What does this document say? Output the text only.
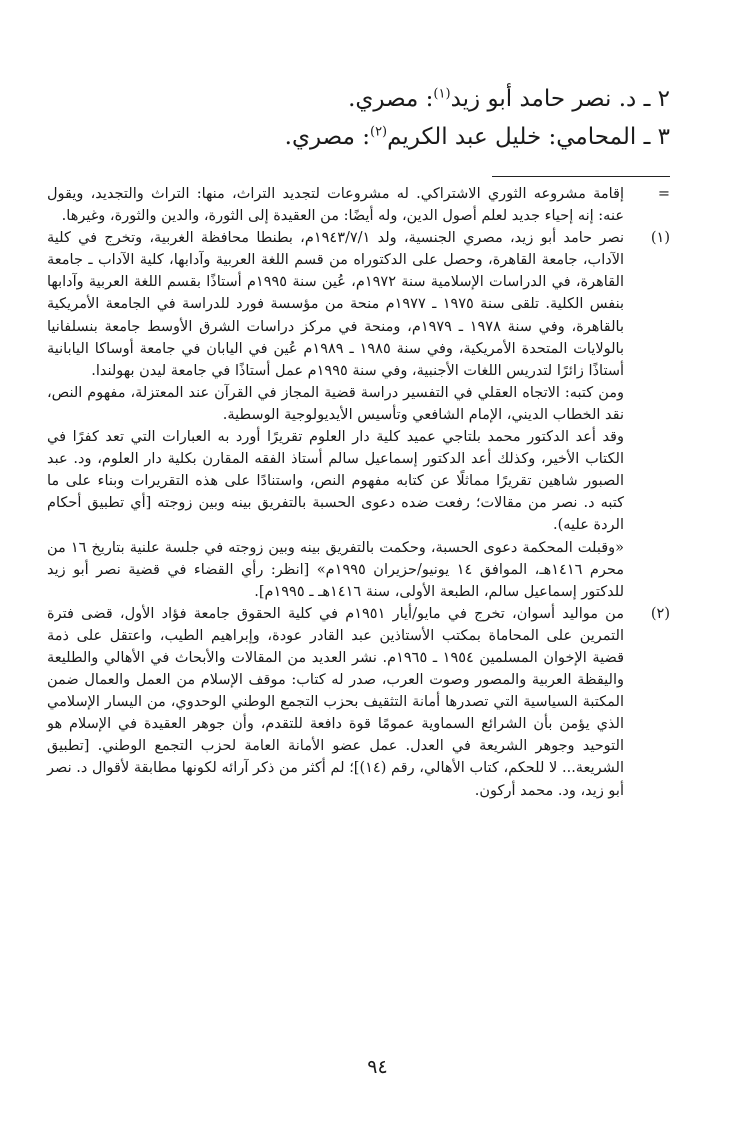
٢ ـ د. نصر حامد أبو زيد$^{(١)}$: مصري.
٣ ـ المحامي: خليل عبد الكريم$^{(٢)}$: مصري.
=

إقامة مشروعه الثوري الاشتراكي. له مشروعات لتجديد التراث، منها: التراث والتجديد، ويقول عنه: إنه إحياء جديد لعلم أصول الدين، وله أيضًا: من العقيدة إلى الثورة، والدين والثورة، وغيرها.

(١)

نصر حامد أبو زيد، مصري الجنسية، ولد ١٩٤٣/٧/١م، بطنطا محافظة الغربية، وتخرج في كلية الآداب، جامعة القاهرة، وحصل على الدكتوراه من قسم اللغة العربية وآدابها، كلية الآداب ـ جامعة القاهرة، في الدراسات الإسلامية سنة ١٩٧٢م، عُين سنة ١٩٩٥م أستاذًا بقسم اللغة العربية وآدابها بنفس الكلية. تلقى سنة ١٩٧٥ ـ ١٩٧٧م منحة من مؤسسة فورد للدراسة في الجامعة الأمريكية بالقاهرة، وفي سنة ١٩٧٨ ـ ١٩٧٩م، ومنحة في مركز دراسات الشرق الأوسط جامعة بنسلفانيا بالولايات المتحدة الأمريكية، وفي سنة ١٩٨٥ ـ ١٩٨٩م عُين في اليابان في جامعة أوساكا اليابانية أستاذًا زائرًا لتدريس اللغات الأجنبية، وفي سنة ١٩٩٥م عمل أستاذًا في جامعة ليدن بهولندا.

ومن كتبه: الاتجاه العقلي في التفسير دراسة قضية المجاز في القرآن عند المعتزلة، مفهوم النص، نقد الخطاب الديني، الإمام الشافعي وتأسيس الأيديولوجية الوسطية.

وقد أعد الدكتور محمد بلتاجي عميد كلية دار العلوم تقريرًا أورد به العبارات التي تعد كفرًا في الكتاب الأخير، وكذلك أعد الدكتور إسماعيل سالم أستاذ الفقه المقارن بكلية دار العلوم، ود. عبد الصبور شاهين تقريرًا مماثلًا عن كتابه مفهوم النص، واستنادًا على هذه التقريرات وبناء على ما كتبه د. نصر من مقالات؛ رفعت ضده دعوى الحسبة بالتفريق بينه وبين زوجته [أي تطبيق أحكام الردة عليه).

«وقبلت المحكمة دعوى الحسبة، وحكمت بالتفريق بينه وبين زوجته في جلسة علنية بتاريخ ١٦ من محرم ١٤١٦هـ، الموافق ١٤ يونيو/حزيران ١٩٩٥م» [انظر: رأي القضاء في قضية نصر أبو زيد للدكتور إسماعيل سالم، الطبعة الأولى، سنة ١٤١٦هـ ـ ١٩٩٥م].

(٢)

من مواليد أسوان، تخرج في مايو/أيار ١٩٥١م في كلية الحقوق جامعة فؤاد الأول، قضى فترة التمرين على المحاماة بمكتب الأستاذين عبد القادر عودة، وإبراهيم الطيب، واعتقل على ذمة قضية الإخوان المسلمين ١٩٥٤ ـ ١٩٦٥م. نشر العديد من المقالات والأبحاث في الأهالي والطليعة واليقظة العربية والمصور وصوت العرب، صدر له كتاب: موقف الإسلام من العمل والعمال ضمن المكتبة السياسية التي تصدرها أمانة التثقيف بحزب التجمع الوطني الوحدوي، من اليسار الإسلامي الذي يؤمن بأن الشرائع السماوية عمومًا قوة دافعة للتقدم، وأن جوهر العقيدة في الإسلام هو التوحيد وجوهر الشريعة في العدل. عمل عضو الأمانة العامة لحزب التجمع الوطني. [تطبيق الشريعة... لا للحكم، كتاب الأهالي، رقم (١٤)]؛ لم أكثر من ذكر آرائه لكونها مطابقة لأقوال د. نصر أبو زيد، ود. محمد أركون.

٩٤
